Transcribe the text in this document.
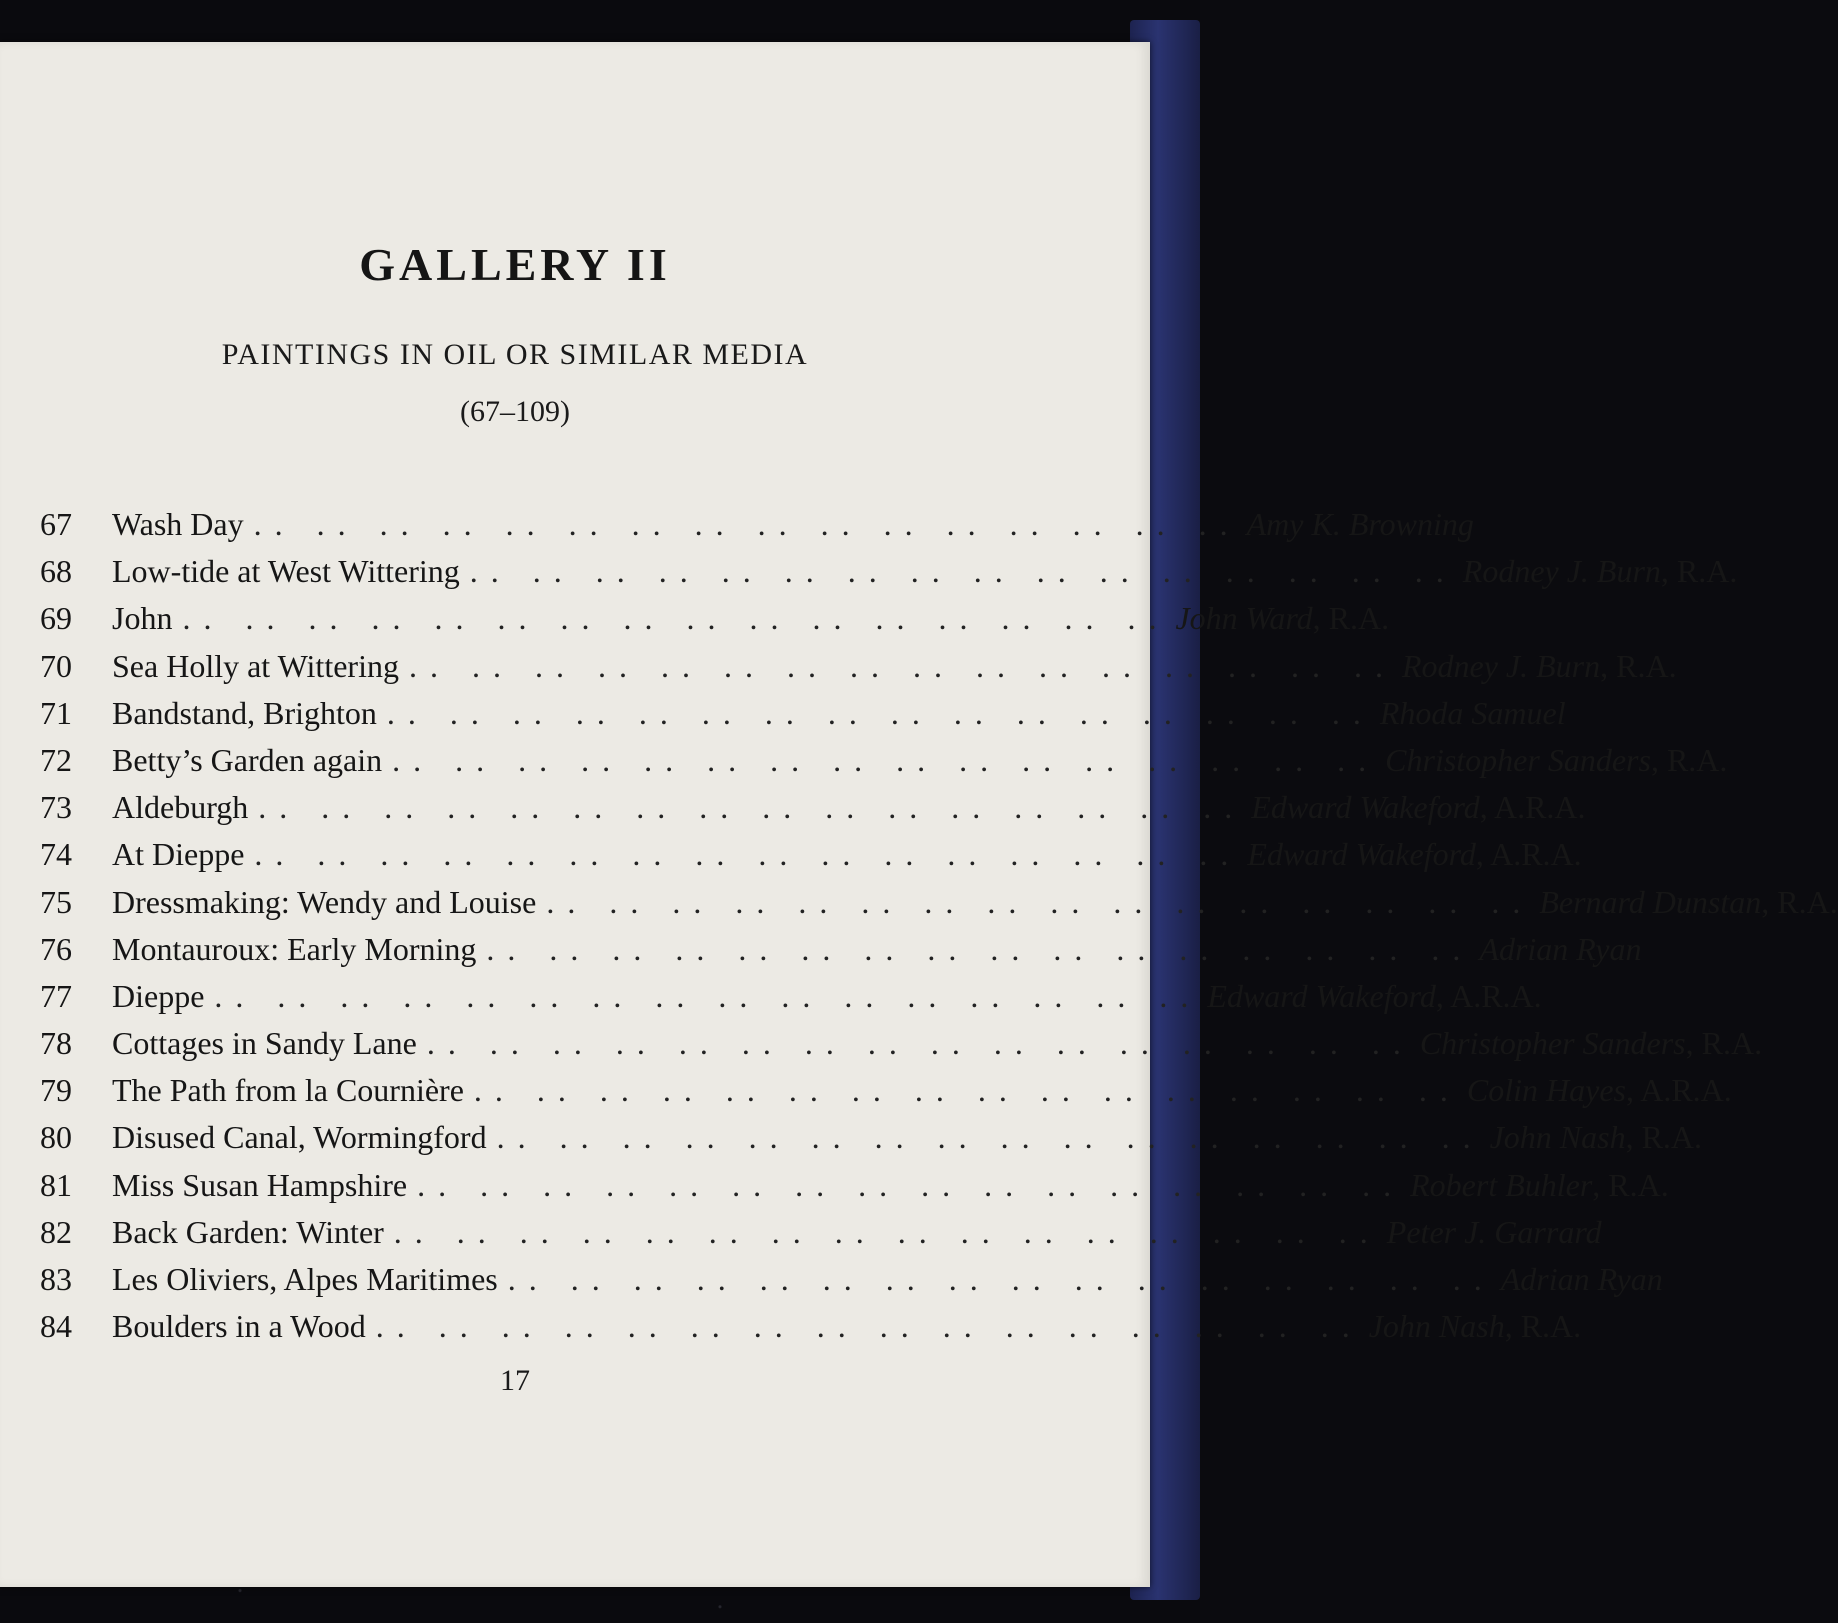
GALLERY II
PAINTINGS IN OIL OR SIMILAR MEDIA
(67–109)
67	Wash Day .. .. .. .. .. .. .. .. .. .. .. .. .. .. .. .. Amy K. Browning
68	Low-tide at West Wittering .. .. .. .. .. .. .. .. .. .. .. .. .. .. .. .. Rodney J. Burn, R.A.
69	John .. .. .. .. .. .. .. .. .. .. .. .. .. .. .. .. John Ward, R.A.
70	Sea Holly at Wittering .. .. .. .. .. .. .. .. .. .. .. .. .. .. .. .. Rodney J. Burn, R.A.
71	Bandstand, Brighton .. .. .. .. .. .. .. .. .. .. .. .. .. .. .. .. Rhoda Samuel
72	Betty’s Garden again .. .. .. .. .. .. .. .. .. .. .. .. .. .. .. .. Christopher Sanders, R.A.
73	Aldeburgh .. .. .. .. .. .. .. .. .. .. .. .. .. .. .. .. Edward Wakeford, A.R.A.
74	At Dieppe .. .. .. .. .. .. .. .. .. .. .. .. .. .. .. .. Edward Wakeford, A.R.A.
75	Dressmaking: Wendy and Louise .. .. .. .. .. .. .. .. .. .. .. .. .. .. .. .. Bernard Dunstan, R.A.
76	Montauroux: Early Morning .. .. .. .. .. .. .. .. .. .. .. .. .. .. .. .. Adrian Ryan
77	Dieppe .. .. .. .. .. .. .. .. .. .. .. .. .. .. .. .. Edward Wakeford, A.R.A.
78	Cottages in Sandy Lane .. .. .. .. .. .. .. .. .. .. .. .. .. .. .. .. Christopher Sanders, R.A.
79	The Path from la Cournière .. .. .. .. .. .. .. .. .. .. .. .. .. .. .. .. Colin Hayes, A.R.A.
80	Disused Canal, Wormingford .. .. .. .. .. .. .. .. .. .. .. .. .. .. .. .. John Nash, R.A.
81	Miss Susan Hampshire .. .. .. .. .. .. .. .. .. .. .. .. .. .. .. .. Robert Buhler, R.A.
82	Back Garden: Winter .. .. .. .. .. .. .. .. .. .. .. .. .. .. .. .. Peter J. Garrard
83	Les Oliviers, Alpes Maritimes .. .. .. .. .. .. .. .. .. .. .. .. .. .. .. .. Adrian Ryan
84	Boulders in a Wood .. .. .. .. .. .. .. .. .. .. .. .. .. .. .. .. John Nash, R.A.
17
